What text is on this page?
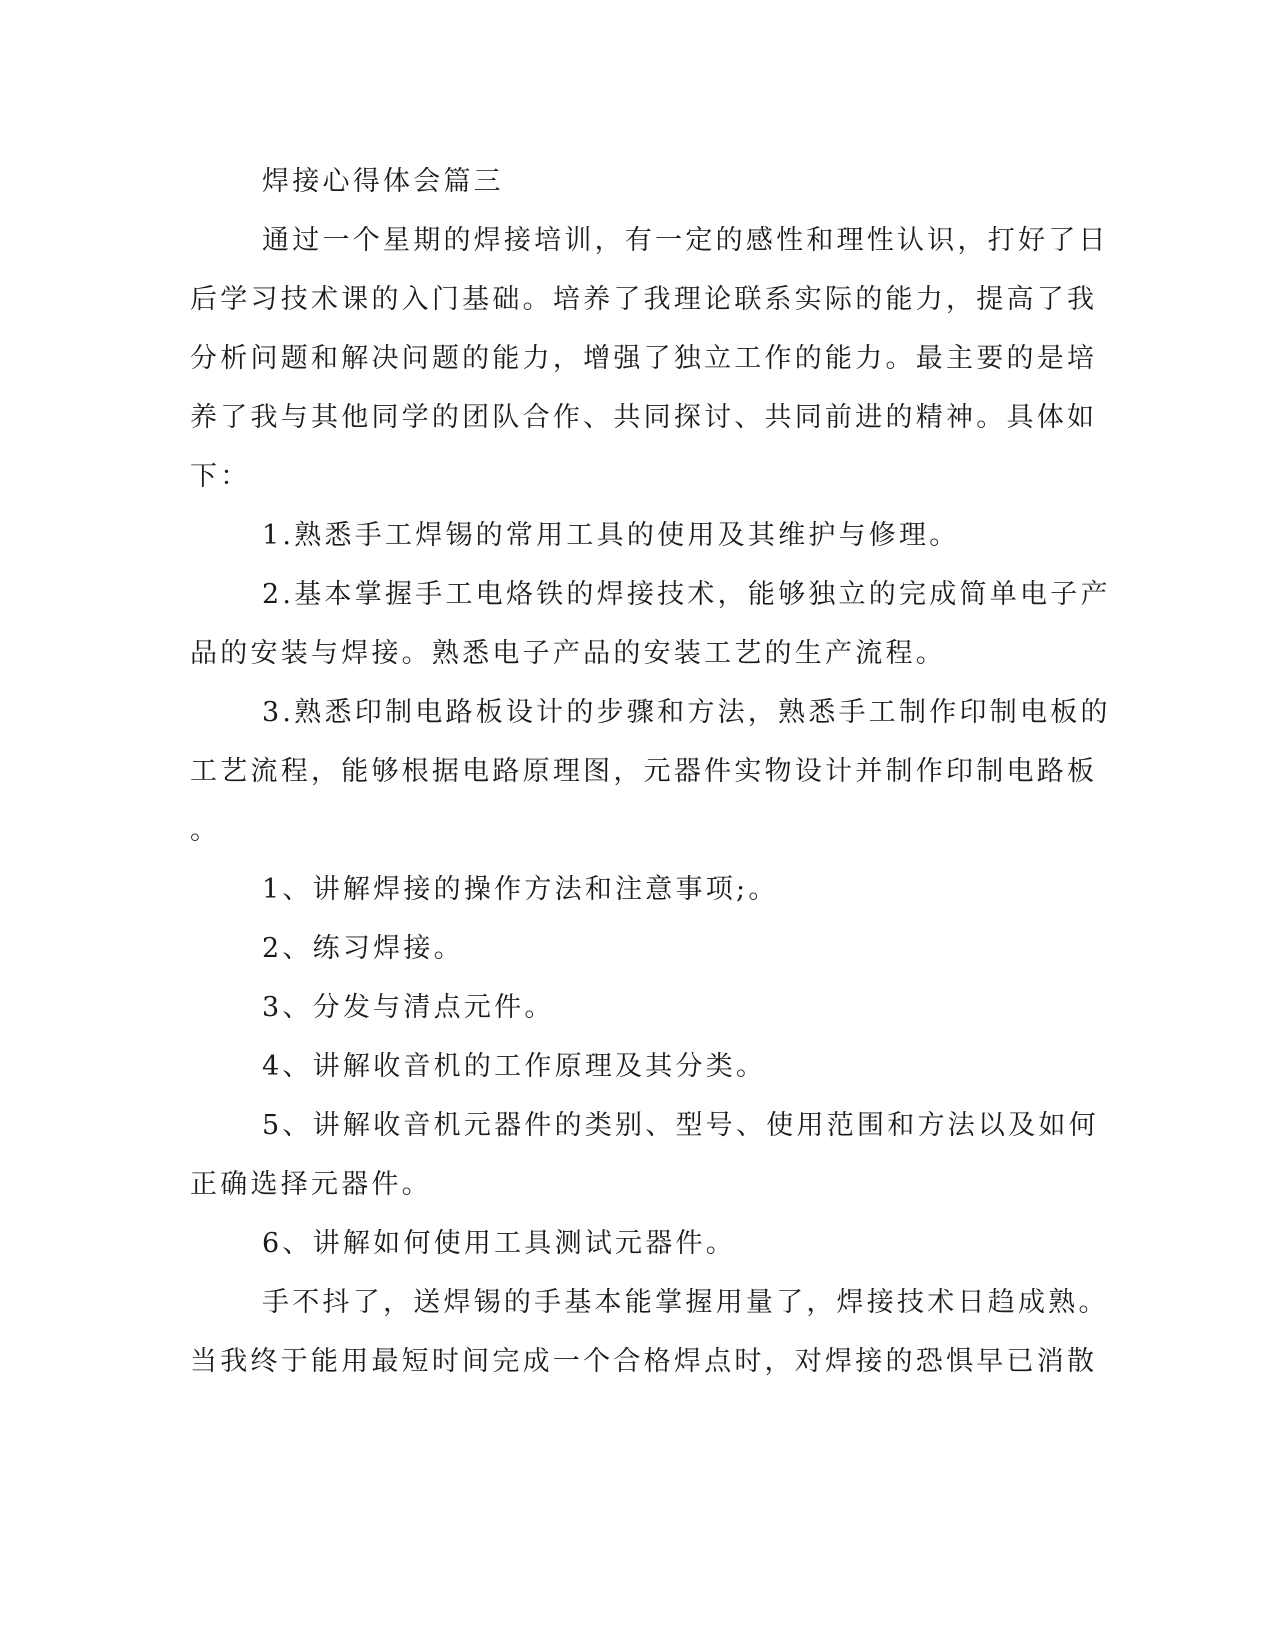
焊接心得体会篇三
通过一个星期的焊接培训，有一定的感性和理性认识，打好了日
后学习技术课的入门基础。培养了我理论联系实际的能力，提高了我
分析问题和解决问题的能力，增强了独立工作的能力。最主要的是培
养了我与其他同学的团队合作、共同探讨、共同前进的精神。具体如
下：
1.熟悉手工焊锡的常用工具的使用及其维护与修理。
2.基本掌握手工电烙铁的焊接技术，能够独立的完成简单电子产
品的安装与焊接。熟悉电子产品的安装工艺的生产流程。
3.熟悉印制电路板设计的步骤和方法，熟悉手工制作印制电板的
工艺流程，能够根据电路原理图，元器件实物设计并制作印制电路板
。
1、讲解焊接的操作方法和注意事项;。
2、练习焊接。
3、分发与清点元件。
4、讲解收音机的工作原理及其分类。
5、讲解收音机元器件的类别、型号、使用范围和方法以及如何
正确选择元器件。
6、讲解如何使用工具测试元器件。
手不抖了，送焊锡的手基本能掌握用量了，焊接技术日趋成熟。
当我终于能用最短时间完成一个合格焊点时，对焊接的恐惧早已消散
